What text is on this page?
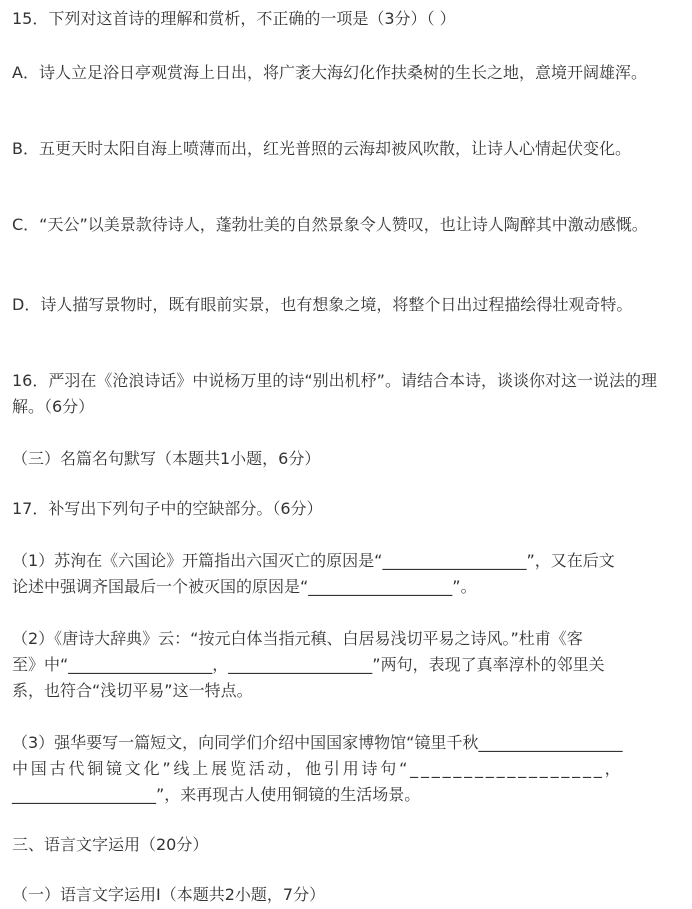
15．下列对这首诗的理解和赏析，不正确的一项是（3分）（ ）
A．诗人立足浴日亭观赏海上日出，将广袤大海幻化作扶桑树的生长之地，意境开阔雄浑。
B．五更天时太阳自海上喷薄而出，红光普照的云海却被风吹散，让诗人心情起伏变化。
C．“天公”以美景款待诗人，蓬勃壮美的自然景象令人赞叹，也让诗人陶醉其中激动感慨。
D．诗人描写景物时，既有眼前实景，也有想象之境，将整个日出过程描绘得壮观奇特。
16．严羽在《沧浪诗话》中说杨万里的诗“别出机杼”。请结合本诗，谈谈你对这一说法的理解。（6分）
（三）名篇名句默写（本题共1小题，6分）
17．补写出下列句子中的空缺部分。（6分）
（1）苏洵在《六国论》开篇指出六国灭亡的原因是“__________________”，又在后文
论述中强调齐国最后一个被灭国的原因是“__________________”。
（2）《唐诗大辞典》云：“按元白体当指元稹、白居易浅切平易之诗风。”杜甫《客
至》中“__________________，__________________”两句，表现了真率淳朴的邻里关
系，也符合“浅切平易”这一特点。
（3）强华要写一篇短文，向同学们介绍中国国家博物馆“镜里千秋__________________
中国古代铜镜文化”线上展览活动，他引用诗句“__________________，
__________________”，来再现古人使用铜镜的生活场景。
三、语言文字运用（20分）
（一）语言文字运用Ⅰ（本题共2小题，7分）
